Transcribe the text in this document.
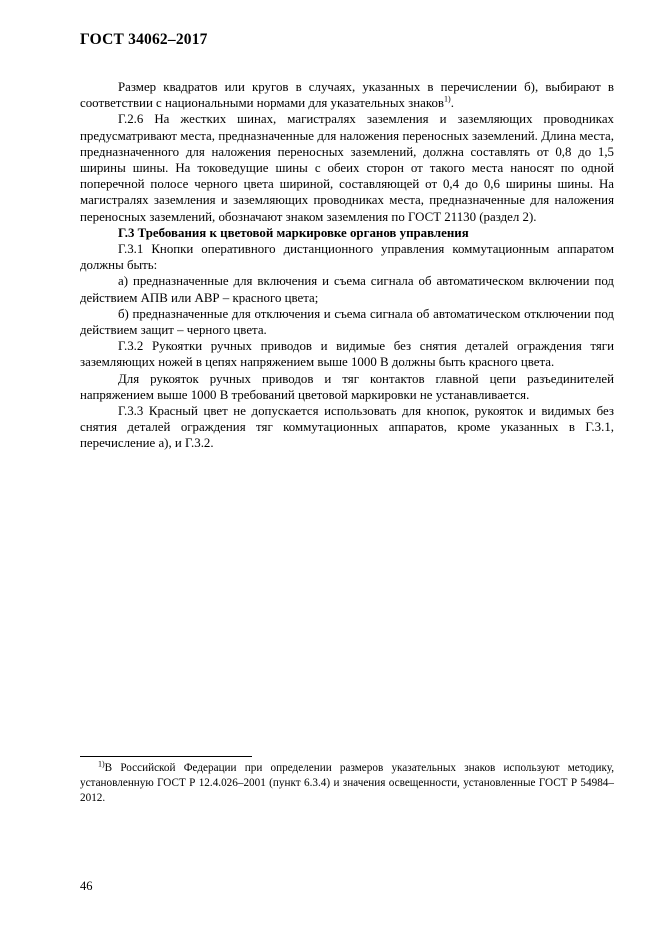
ГОСТ 34062–2017

Размер квадратов или кругов в случаях, указанных в перечислении б), выбирают в соответствии с национальными нормами для указательных знаков$^{1)}$.

Г.2.6 На жестких шинах, магистралях заземления и заземляющих проводниках предусматривают места, предназначенные для наложения переносных заземлений. Длина места, предназначенного для наложения переносных заземлений, должна составлять от 0,8 до 1,5 ширины шины. На токоведущие шины с обеих сторон от такого места наносят по одной поперечной полосе черного цвета шириной, составляющей от 0,4 до 0,6 ширины шины. На магистралях заземления и заземляющих проводниках места, предназначенные для наложения переносных заземлений, обозначают знаком заземления по ГОСТ 21130 (раздел 2).

Г.3 Требования к цветовой маркировке органов управления

Г.3.1 Кнопки оперативного дистанционного управления коммутационным аппаратом должны быть:

а) предназначенные для включения и съема сигнала об автоматическом включении под действием АПВ или АВР – красного цвета;

б) предназначенные для отключения и съема сигнала об автоматическом отключении под действием защит – черного цвета.

Г.3.2 Рукоятки ручных приводов и видимые без снятия деталей ограждения тяги заземляющих ножей в цепях напряжением выше 1000 В должны быть красного цвета.

Для рукояток ручных приводов и тяг контактов главной цепи разъединителей напряжением выше 1000 В требований цветовой маркировки не устанавливается.

Г.3.3 Красный цвет не допускается использовать для кнопок, рукояток и видимых без снятия деталей ограждения тяг коммутационных аппаратов, кроме указанных в Г.3.1, перечисление а), и Г.3.2.

$^{1)}$В Российской Федерации при определении размеров указательных знаков используют методику, установленную ГОСТ Р 12.4.026–2001 (пункт 6.3.4) и значения освещенности, установленные ГОСТ Р 54984–2012.
46
